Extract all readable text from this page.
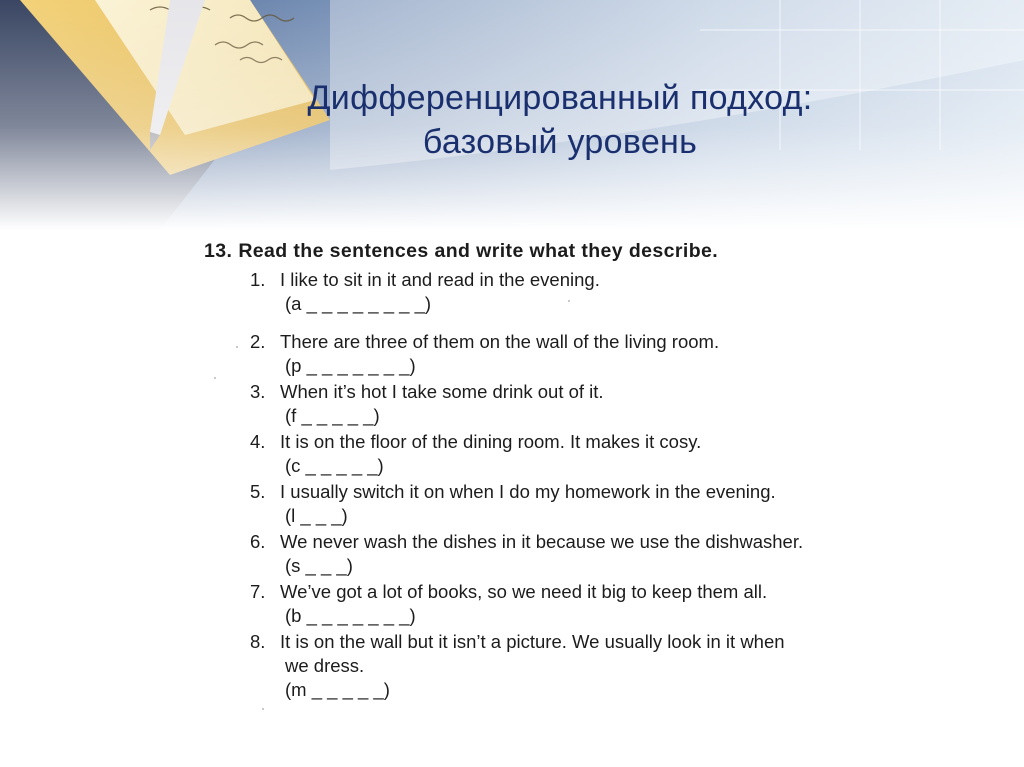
Дифференцированный подход:
базовый уровень
13. Read the sentences and write what they describe.
1. I like to sit in it and read in the evening.
(a _ _ _ _ _ _ _ _)
2. There are three of them on the wall of the living room.
(p _ _ _ _ _ _ _)
3. When it’s hot I take some drink out of it.
(f _ _ _ _ _)
4. It is on the floor of the dining room. It makes it cosy.
(c _ _ _ _ _)
5. I usually switch it on when I do my homework in the evening.
(l _ _ _)
6. We never wash the dishes in it because we use the dishwasher.
(s _ _ _)
7. We’ve got a lot of books, so we need it big to keep them all.
(b _ _ _ _ _ _ _)
8. It is on the wall but it isn’t a picture. We usually look in it when
we dress.
(m _ _ _ _ _)
